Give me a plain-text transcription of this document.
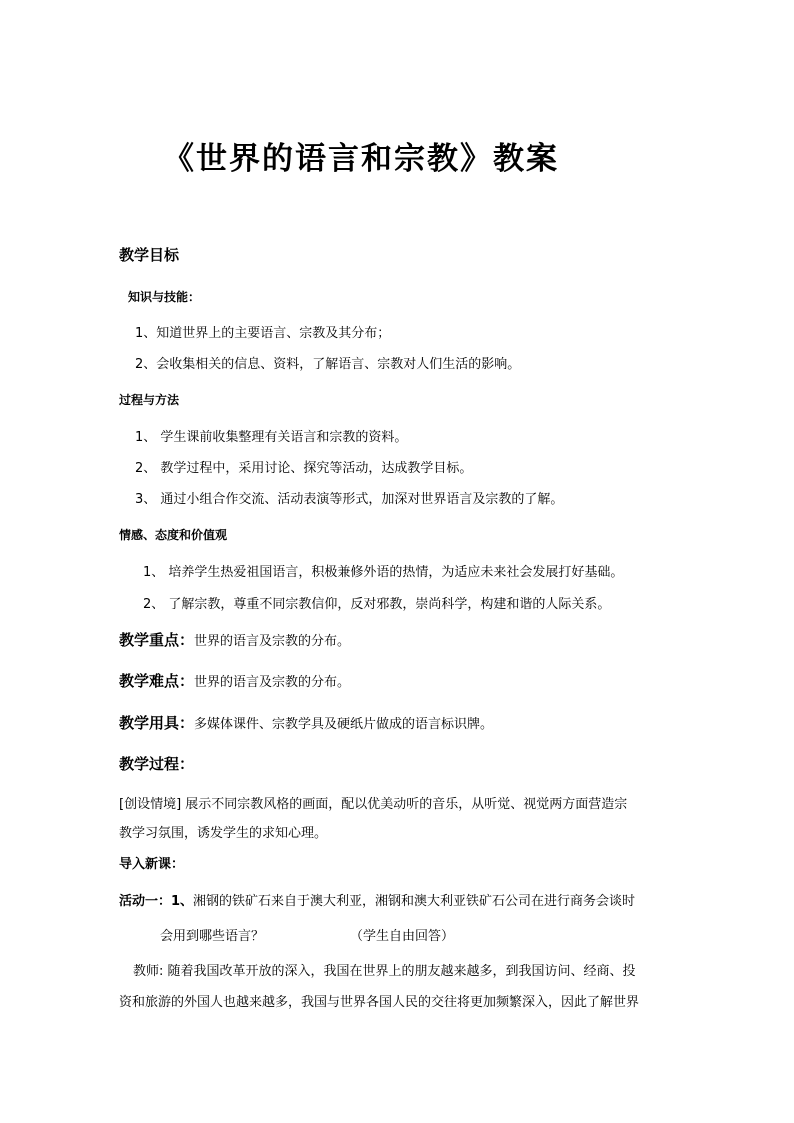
《世界的语言和宗教》教案
教学目标
知识与技能：
1、知道世界上的主要语言、宗教及其分布；
2、会收集相关的信息、资料，了解语言、宗教对人们生活的影响。
过程与方法
1、 学生课前收集整理有关语言和宗教的资料。
2、 教学过程中，采用讨论、探究等活动，达成教学目标。
3、 通过小组合作交流、活动表演等形式，加深对世界语言及宗教的了解。
情感、态度和价值观
1、 培养学生热爱祖国语言，积极兼修外语的热情，为适应未来社会发展打好基础。
2、 了解宗教，尊重不同宗教信仰，反对邪教，崇尚科学，构建和谐的人际关系。
教学重点：世界的语言及宗教的分布。
教学难点：世界的语言及宗教的分布。
教学用具：多媒体课件、宗教学具及硬纸片做成的语言标识牌。
教学过程：
[创设情境] 展示不同宗教风格的画面，配以优美动听的音乐，从听觉、视觉两方面营造宗
教学习氛围，诱发学生的求知心理。
导入新课：
活动一：1、湘钢的铁矿石来自于澳大利亚，湘钢和澳大利亚铁矿石公司在进行商务会谈时
会用到哪些语言？	（学生自由回答）
教师: 随着我国改革开放的深入，我国在世界上的朋友越来越多，到我国访问、经商、投
资和旅游的外国人也越来越多，我国与世界各国人民的交往将更加频繁深入，因此了解世界
